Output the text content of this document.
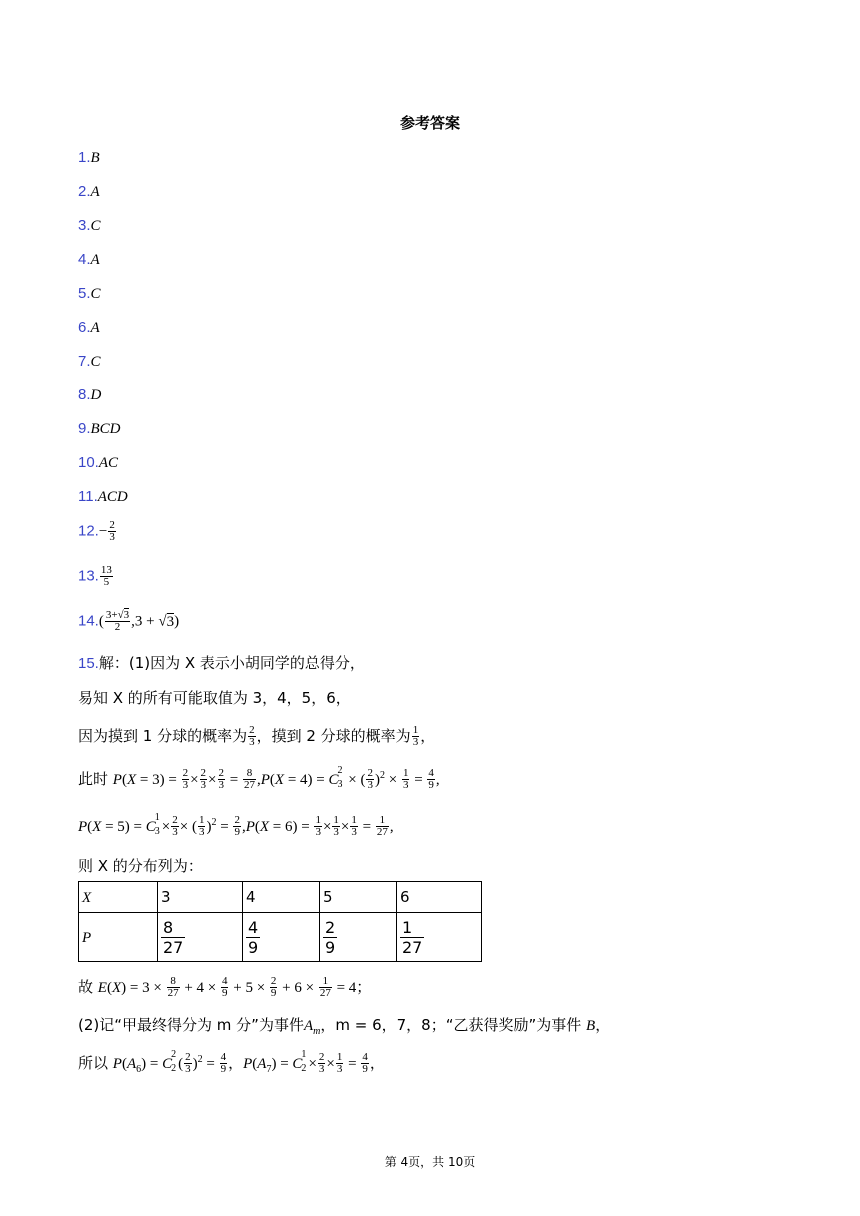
参考答案
1.B
2.A
3.C
4.A
5.C
6.A
7.C
8.D
9.BCD
10.AC
11.ACD
$12.- \frac{2}{3}$
13. $\frac{13}{5}$
$14.( \frac{3+√3}{2} ,3 + √3)$
15.解：(1)因为 X 表示小胡同学的总得分，
易知 X 的所有可能取值为 3，4，5，6，
因为摸到 1 分球的概率为 $\frac{2}{3}$ ，摸到 2 分球的概率为 $\frac{1}{3}$ ，
此时 $P(X = 3) = \frac{2}{3} \times \frac{2}{3} \times \frac{2}{3} = \frac{8}{27} ,P(X = 4) = C$
2
3 × ( $\frac{2}{3} )^2 \times \frac{1}{3} = \frac{4}{9}$ ,
P(X = 5) = C
1
$3 \times \frac{2}{3}$ × ( $\frac{1}{3} )^2 = \frac{2}{9} ,P(X = 6) = \frac{1}{3} \times \frac{1}{3} \times \frac{1}{3} = \frac{1}{27}$ ,
则 X 的分布列为：
X	3	4	5	6
P	$\frac{8}{27}$	$\frac{4}{9}$	$\frac{2}{9}$	$\frac{1}{27}$
故 $E(X) = 3 \times \frac{8}{27} + 4 \times \frac{4}{9} + 5 \times \frac{2}{9} + 6 \times \frac{1}{27} = 4$；
(2)记“甲最终得分为 m 分”为事件$A_m$，m = 6，7，8；“乙获得奖励”为事件 B，
所以 $P(A_6) = C$
2
2 ( $\frac{2}{3} )^2 = \frac{4}{9}$ ，$P(A_7) = C$
1
$2 \times \frac{2}{3} \times \frac{1}{3} = \frac{4}{9}$ ，
第 4页，共 10页
